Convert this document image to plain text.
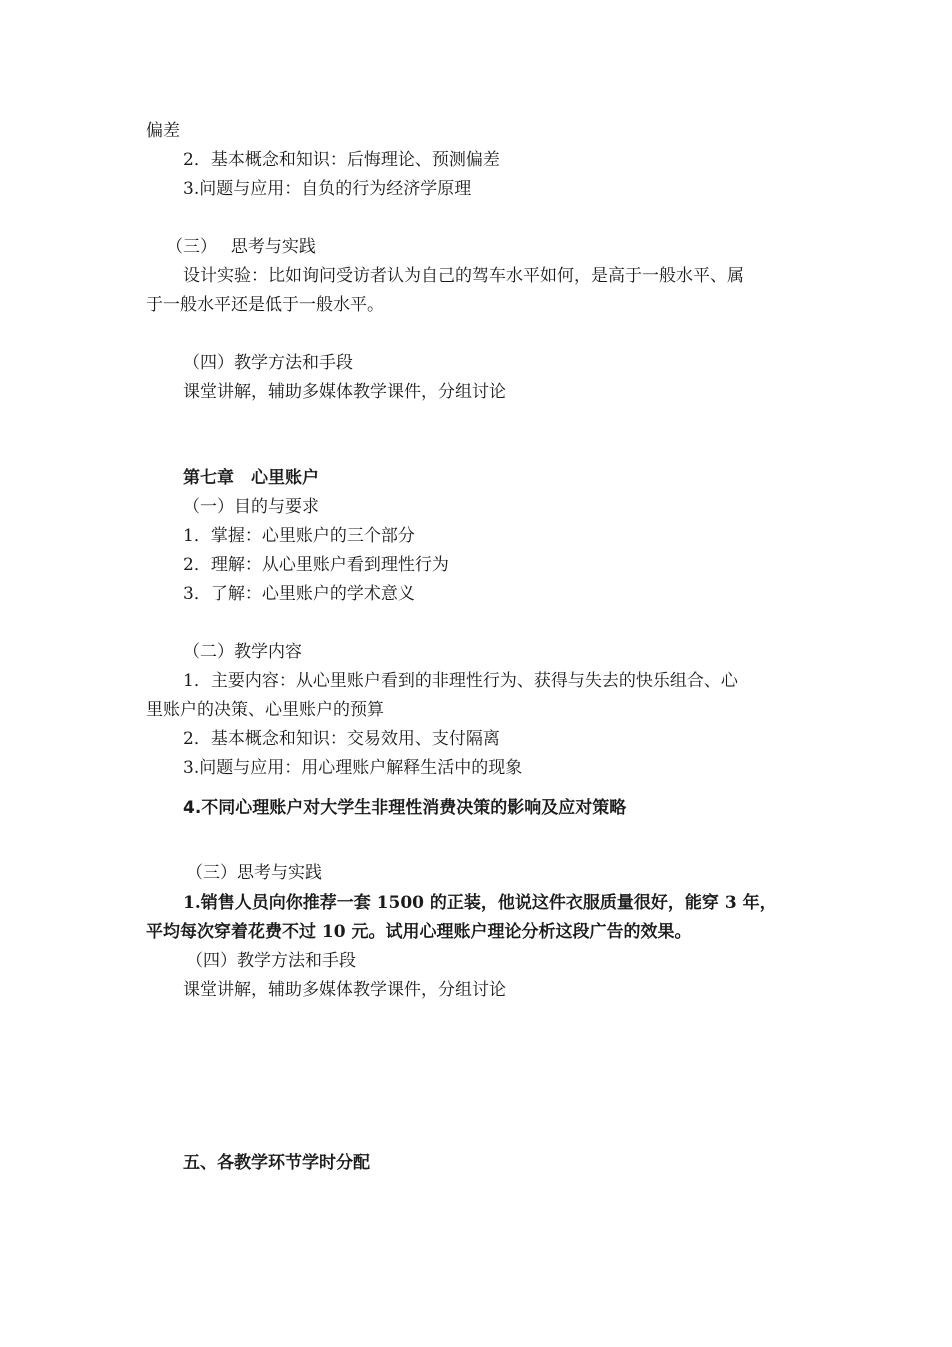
偏差
2．基本概念和知识：后悔理论、预测偏差
3.问题与应用：自负的行为经济学原理
（三）　 思考与实践
设计实验：比如询问受访者认为自己的驾车水平如何，是高于一般水平、属
于一般水平还是低于一般水平。
（四）教学方法和手段
课堂讲解，辅助多媒体教学课件，分组讨论
第七章　心里账户
（一）目的与要求
1．掌握：心里账户的三个部分
2．理解：从心里账户看到理性行为
3．了解：心里账户的学术意义
（二）教学内容
1．主要内容：从心里账户看到的非理性行为、获得与失去的快乐组合、心
里账户的决策、心里账户的预算
2．基本概念和知识：交易效用、支付隔离
3.问题与应用：用心理账户解释生活中的现象
4.不同心理账户对大学生非理性消费决策的影响及应对策略
（三）思考与实践
1.销售人员向你推荐一套 1500 的正装，他说这件衣服质量很好，能穿 3 年，
平均每次穿着花费不过 10 元。试用心理账户理论分析这段广告的效果。
（四）教学方法和手段
课堂讲解，辅助多媒体教学课件，分组讨论
五、各教学环节学时分配
